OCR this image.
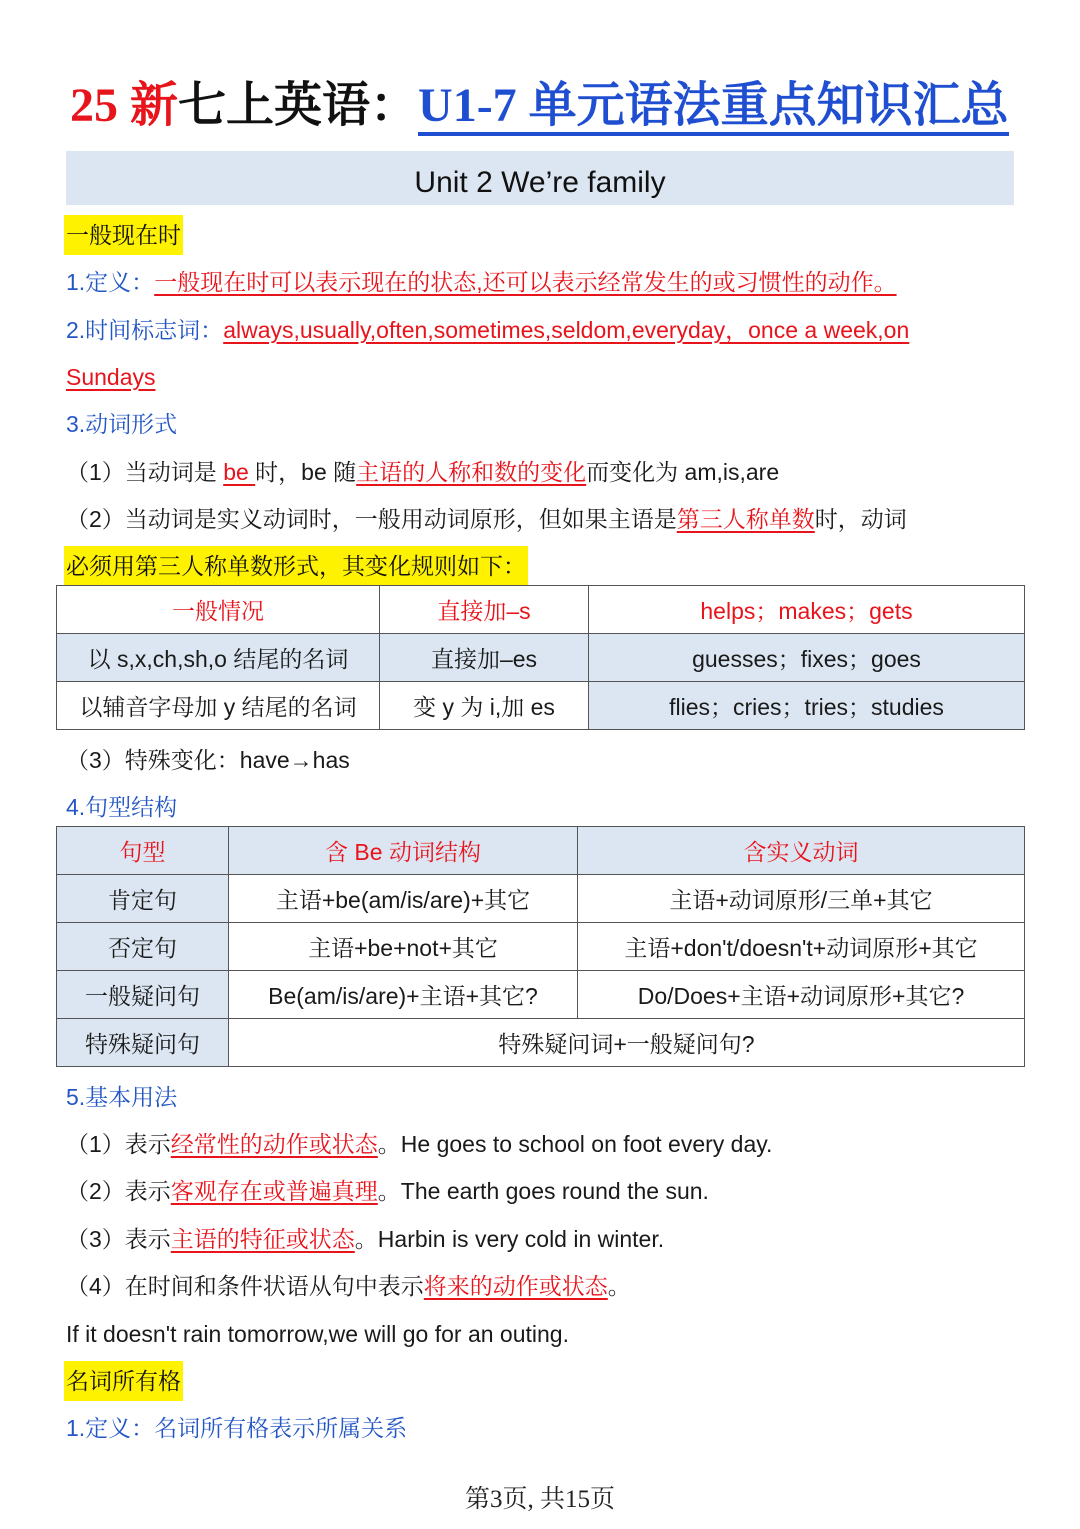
25 新七上英语：U1-7 单元语法重点知识汇总
Unit 2 We’re family
一般现在时
1.定义：一般现在时可以表示现在的状态,还可以表示经常发生的或习惯性的动作。
2.时间标志词：always,usually,often,sometimes,seldom,everyday，once a week,on
Sundays
3.动词形式
（1）当动词是 be 时，be 随主语的人称和数的变化而变化为 am,is,are
（2）当动词是实义动词时，一般用动词原形，但如果主语是第三人称单数时，动词
必须用第三人称单数形式，其变化规则如下：
一般情况	直接加–s	helps；makes；gets
以 s,x,ch,sh,o 结尾的名词	直接加–es	guesses；fixes；goes
以辅音字母加 y 结尾的名词	变 y 为 i,加 es	flies；cries；tries；studies
（3）特殊变化：have→has
4.句型结构
句型	含 Be 动词结构	含实义动词
肯定句	主语+be(am/is/are)+其它	主语+动词原形/三单+其它
否定句	主语+be+not+其它	主语+don't/doesn't+动词原形+其它
一般疑问句	Be(am/is/are)+主语+其它?	Do/Does+主语+动词原形+其它?
特殊疑问句	特殊疑问词+一般疑问句?	
5.基本用法
（1）表示经常性的动作或状态。He goes to school on foot every day.
（2）表示客观存在或普遍真理。The earth goes round the sun.
（3）表示主语的特征或状态。Harbin is very cold in winter.
（4）在时间和条件状语从句中表示将来的动作或状态。
If it doesn't rain tomorrow,we will go for an outing.
名词所有格
1.定义：名词所有格表示所属关系
第3页, 共15页
